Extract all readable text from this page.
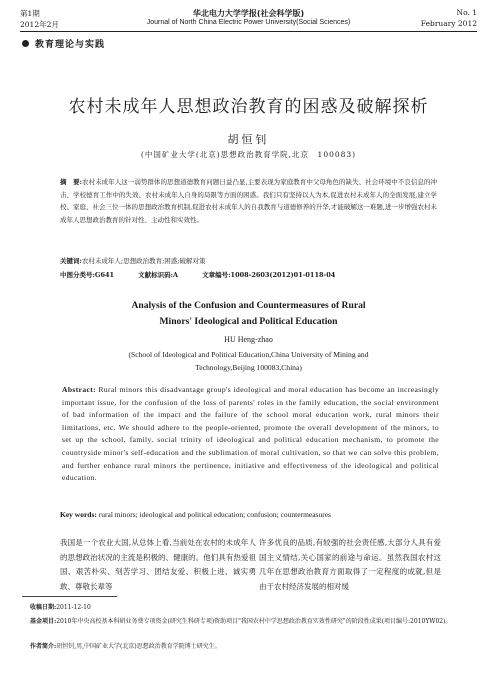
第1期
2012年2月
华北电力大学学报(社会科学版)
Journal of North China Electric Power University(Social Sciences)
No. 1
February 2012
教育理论与实践
农村未成年人思想政治教育的困惑及破解探析
胡恒钊
(中国矿业大学(北京)思想政治教育学院,北京　100083)
摘　要:农村未成年人这一弱势群体的思想道德教育问题日益凸显,主要表现为家庭教育中父母角色的缺失、社会环境中不良信息的冲击、学校德育工作中的失效、农村未成年人自身的局限等方面的困惑。我们只有坚持以人为本,促进农村未成年人的全面发展,建立学校、家庭、社会三位一体的思想政治教育机制,促进农村未成年人的自我教育与道德修养的升华,才能破解这一难题,进一步增强农村未成年人思想政治教育的针对性、主动性和实效性。
关键词:农村未成年人;思想政治教育;困惑;破解对策
中图分类号:G641	文献标识码:A	文章编号:1008-2603(2012)01-0118-04
Analysis of the Confusion and Countermeasures of Rural
Minors' Ideological and Political Education
HU Heng-zhao
(School of Ideological and Political Education,China University of Mining and
Technology,Beijing 100083,China)
Abstract: Rural minors this disadvantage group's ideological and moral education has become an increasingly important issue, for the confusion of the loss of parents' roles in the family education, the social environment of bad information of the impact and the failure of the school moral education work, rural minors their limitations, etc. We should adhere to the people-oriented, promote the overall development of the minors, to set up the school, family, social trinity of ideological and political education mechanism, to promote the countryside minor's self-education and the sublimation of moral cultivation, so that we can solve this problem, and further enhance rural minors the pertinence, initiative and effectiveness of the ideological and political education.
Key words: rural minors; ideological and political education; confusion; countermeasures
我国是一个农业大国,从总体上看,当前处在农村的未成年人的思想政治状况的主流是积极的、健康的。他们具有热爱祖国、艰苦朴实、刻苦学习、团结友爱、积极上进、诚实勇敢、尊敬长辈等
许多优良的品质,有较强的社会责任感,大部分人具有爱国主义情结,关心国家的前途与命运。虽然我国农村这几年在思想政治教育方面取得了一定程度的成就,但是由于农村经济发展的相对缓
收稿日期:2011-12-10
基金项目:2010年中央高校基本科研业务费专项资金(研究生科研专项)资助项目"我国农村中学思想政治教育实效性研究"的阶段性成果(项目编号:2010YW02)。
作者简介:胡恒钊,男,中国矿业大学(北京)思想政治教育学院博士研究生。
